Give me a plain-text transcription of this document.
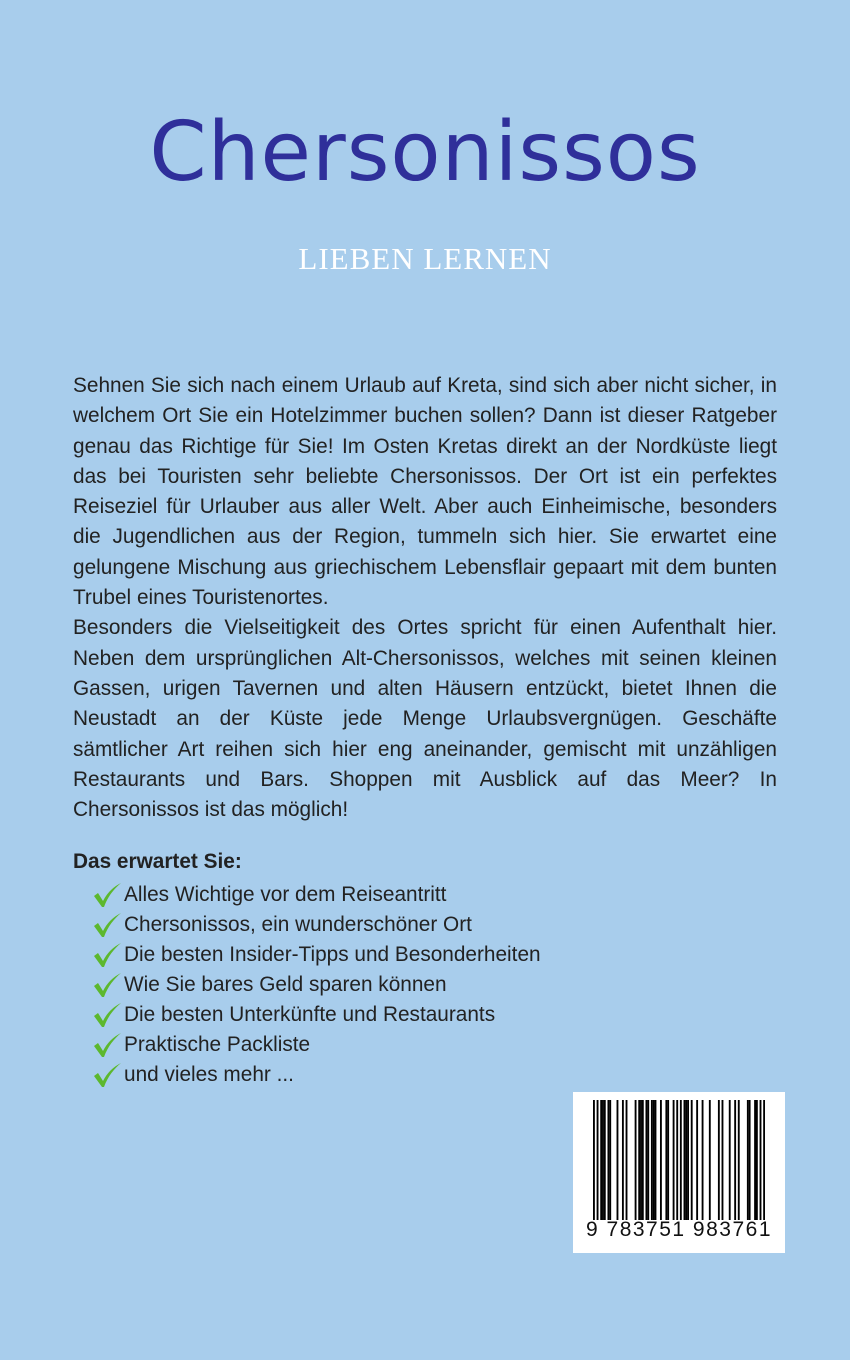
Chersonissos
LIEBEN LERNEN

Sehnen Sie sich nach einem Urlaub auf Kreta, sind sich aber nicht sicher, in welchem Ort Sie ein Hotelzimmer buchen sollen? Dann ist dieser Ratgeber genau das Richtige für Sie! Im Osten Kretas direkt an der Nordküste liegt das bei Touristen sehr beliebte Chersonissos. Der Ort ist ein perfektes Reiseziel für Urlauber aus aller Welt. Aber auch Einheimische, besonders die Jugendlichen aus der Region, tummeln sich hier. Sie erwartet eine gelungene Mischung aus griechischem Lebensflair gepaart mit dem bunten Trubel eines Touristenortes.

Besonders die Vielseitigkeit des Ortes spricht für einen Aufenthalt hier. Neben dem ursprünglichen Alt-Chersonissos, welches mit seinen kleinen Gassen, urigen Tavernen und alten Häusern entzückt, bietet Ihnen die Neustadt an der Küste jede Menge Urlaubsvergnügen. Geschäfte sämtlicher Art reihen sich hier eng aneinander, gemischt mit unzähligen Restaurants und Bars. Shoppen mit Ausblick auf das Meer? In Chersonissos ist das möglich!

Das erwartet Sie:
Alles Wichtige vor dem Reiseantritt
Chersonissos, ein wunderschöner Ort
Die besten Insider-Tipps und Besonderheiten
Wie Sie bares Geld sparen können
Die besten Unterkünfte und Restaurants
Praktische Packliste
und vieles mehr ...
9 783751 983761
